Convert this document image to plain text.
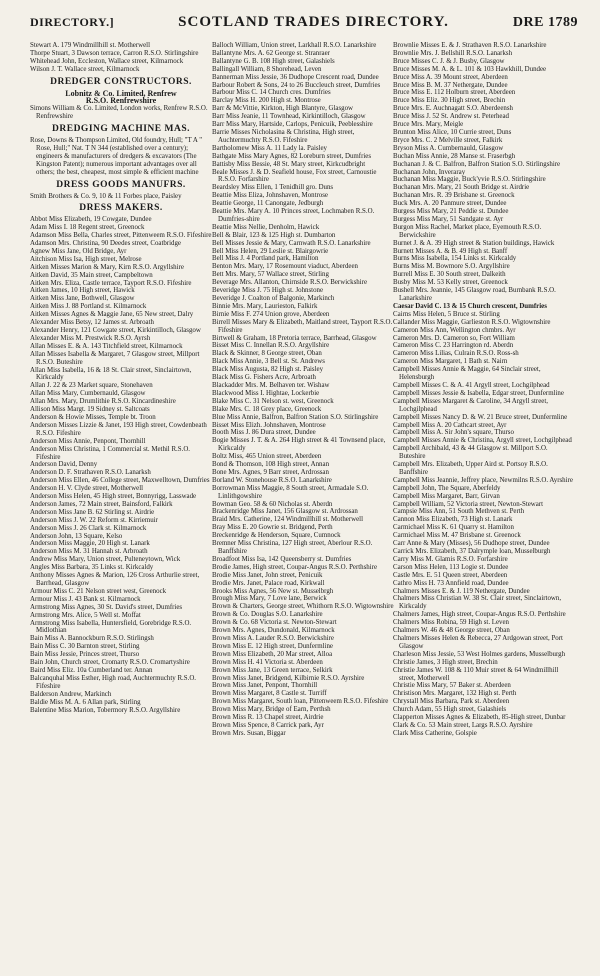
DIRECTORY.]	SCOTLAND TRADES DIRECTORY.	DRE 1789

Stewart A. 179 Windmillhill st. Motherwell

Thorpe Stuart, 3 Dawson terrace, Carron R.S.O. Stirlingshire

Whitehead John, Eccleston, Wallace street, Kilmarnock

Wilson J. T. Wallace street, Kilmarnock

DREDGER CONSTRUCTORS.
Lobnitz & Co. Limited, Renfrew
R.S.O. Renfrewshire

Simons William & Co. Limited, London works, Renfrew R.S.O. Renfrewshire

DREDGING MACHINE MAS.

Rose, Downs & Thompson Limited, Old foundry, Hull; "T A " Rose, Hull;" Nat. T N 344 (established over a century); engineers & manufacturers of dredgers & excavators (The Kingston Patent); numerous important advantages over all others; the best, cheapest, most simple & efficient machine

DRESS GOODS MANUFRS.

Smith Brothers & Co. 9, 10 & 11 Forbes place, Paisley

DRESS MAKERS.

Abbot Miss Elizabeth, 19 Cowgate, Dundee

Adam Miss I. 18 Regent street, Greenock

Adamson Miss Bella, Charles street, Pittenweem R.S.O. Fifeshire

Adamson Mrs. Christina, 90 Deedes street, Coatbridge

Agnew Miss Jane, Old Bridge, Ayr

Aitchison Miss Isa, High street, Melrose

Aitken Misses Marion & Mary, Kirn R.S.O. Argyllshire

Aitken David, 35 Main street, Campbeltown

Aitken Mrs. Eliza, Castle terrace, Tayport R.S.O. Fifeshire

Aitken James, 10 High street, Hawick

Aitken Miss Jane, Bothwell, Glasgow

Aitken Miss J. 88 Portland st. Kilmarnock

Aitken Misses Agnes & Maggie Jane, 65 New street, Dalry

Alexander Miss Betsy, 12 James st. Arbroath

Alexander Henry, 121 Cowgate street, Kirkintilloch, Glasgow

Alexander Miss M. Prestwick R.S.O. Ayrsh

Allan Misses E. & A. 143 Titchfield street, Kilmarnock

Allan Misses Isabella & Margaret, 7 Glasgow street, Millport R.S.O. Buteshire

Allan Miss Isabella, 16 & 18 St. Clair street, Sinclairtown, Kirkcaldy

Allan J. 22 & 23 Market square, Stonehaven

Allan Miss Mary, Cumbernauld, Glasgow

Allan Mrs. Mary, Drumlithie R.S.O. Kincardineshire

Allison Miss Margt. 19 Sidney st. Saltcoats

Anderson & Howie Misses, Temple bt. Troon

Anderson Misses Lizzie & Janet, 193 High street, Cowdenbeath R.S.O. Fifeshire

Anderson Miss Annie, Penpont, Thornhill

Anderson Miss Christina, 1 Commercial st. Methil R.S.O. Fifeshire

Anderson David, Denny

Anderson D. F. Strathaven R.S.O. Lanarksh

Anderson Miss Ellen, 46 College street, Maxwelltown, Dumfries

Anderson H. V. Clyde street, Motherwell

Anderson Miss Helen, 45 High street, Bonnyrigg, Lasswade

Anderson James, 72 Main street, Bainsford, Falkirk

Anderson Miss Jane B. 62 Stirling st. Airdrie

Anderson Miss J. W. 22 Reform st. Kirriemuir

Anderson Miss J. 26 Clark st. Kilmarnock

Anderson John, 13 Square, Kelso

Anderson Miss Maggie, 20 High st. Lanark

Anderson Miss M. 31 Hannah st. Arbroath

Andrew Miss Mary, Union street, Pulteneytown, Wick

Angles Miss Barbara, 35 Links st. Kirkcaldy

Anthony Misses Agnes & Marion, 126 Cross Arthurlie street, Barrhead, Glasgow

Armour Miss C. 21 Nelson street west, Greenock

Armour Miss J. 43 Bank st. Kilmarnock

Armstrong Miss Agnes, 30 St. David's street, Dumfries

Armstrong Mrs. Alice, 5 Well st. Moffat

Armstrong Miss Isabella, Huntersfield, Gorebridge R.S.O. Midlothian

Bain Miss A. Bannockburn R.S.O. Stirlingsh

Bain Miss C. 30 Barnton street, Stirling

Bain Miss Jessie, Princes street, Thurso

Bain John, Church street, Cromarty R.S.O. Cromartyshire

Baird Miss Eliz. 10a Cumberland ter. Annan

Balcanquhal Miss Esther, High road, Auchtermuchty R.S.O. Fifeshire

Balderson Andrew, Markinch

Baldie Miss M. A. 6 Allan park, Stirling

Balentine Miss Marion, Tobermory R.S.O. Argyllshire

Balloch William, Union street, Larkhall R.S.O. Lanarkshire

Ballantyne Mrs. A. 62 George st. Stranraer

Ballantyne G. B. 108 High street, Galashiels

Ballingall William, 8 Shorehead, Leven

Bannerman Miss Jessie, 36 Dudhope Crescent road, Dundee

Barbour Robert & Sons, 24 to 26 Buccleuch street, Dumfries

Barbour Miss C. 14 Church cres. Dumfries

Barclay Miss H. 200 High st. Montrose

Barr & McVittie, Kirkton, High Blantyre, Glasgow

Barr Miss Jeanie, 11 Townhead, Kirkintilloch, Glasgow

Barr Miss Mary, Hartside, Carlops, Penicuik, Peeblesshire

Barrie Misses Nicholasina & Christina, High street, Auchtermuchty R.S.O. Fifeshire

Bartholomew Miss A. 11 Lady la. Paisley

Bathgate Miss Mary Agnes, 82 Loreburn street, Dumfries

Battisby Miss Bessie, 48 St. Mary street, Kirkcudbright

Beale Misses J. & D. Seafield house, Fox street, Carnoustie R.S.O. Forfarshire

Beardsley Miss Ellen, 1 Tenidhill gro. Duns

Beattie Miss Eliza, Johnshaven, Montrose

Beattie George, 11 Canongate, Jedburgh

Beattie Mrs. Mary A. 10 Princes street, Lochmaben R.S.O. Dumfries-shire

Beattie Miss Nellie, Denholm, Hawick

Bell & Blair, 123 & 125 High st. Dumbarton

Bell Misses Jessie & Mary, Carnwath R.S.O. Lanarkshire

Bell Miss Helen, 29 Leslie st. Blairgowrie

Bell Miss J. 4 Portland park, Hamilton

Benton Mrs. Mary, 17 Rosemount viaduct, Aberdeen

Bett Mrs. Mary, 57 Wallace street, Stirling

Beverage Mrs. Allanton, Chirnside R.S.O. Berwickshire

Beveridge Miss J. 75 High st. Johnstone

Beveridge J. Coalton of Balgonie, Markinch

Binnie Mrs. Mary, Laurieston, Falkirk

Birnie Miss F. 274 Union grove, Aberdeen

Birrell Misses Mary & Elizabeth, Maitland street, Tayport R.S.O. Fifeshire

Birtwell & Graham, 18 Pretoria terrace, Barrhead, Glasgow

Bisset Miss C. Innellan R.S.O. Argyllshire

Black & Skinner, 8 George street, Oban

Black Miss Annie, 3 Bell st. St. Andrews

Black Miss Augusta, 82 High st. Paisley

Black Miss G. Fishers Acre, Arbroath

Blackadder Mrs. M. Belhaven ter. Wishaw

Blackwood Miss I. Hightae, Lockerbie

Blake Miss C. 31 Nelson st. west, Greenock

Blake Mrs. C. 18 Grey place, Greenock

Blue Miss Annie, Balfron, Balfron Station S.O. Stirlingshire

Bisset Miss Elizh. Johnshaven, Montrose

Booth Miss J. 86 Dura street, Dundee

Bogie Misses J. T. & A. 264 High street & 41 Townsend place, Kirkcaldy

Boltz Miss, 465 Union street, Aberdeen

Bond & Thomson, 108 High street, Annan

Bone Mrs. Agnes, 9 Barr street, Ardrossan

Borland W. Stonehouse R.S.O. Lanarkshire

Borrowman Miss Maggie, 8 South street, Armadale S.O. Linlithgowshire

Bowman Geo. 58 & 60 Nicholas st. Aberdn

Brackenridge Miss Janet, 156 Glasgow st. Ardrossan

Braid Mrs. Catherine, 124 Windmillhill st. Motherwell

Bray Miss E. 20 Gowrie st. Bridgend, Perth

Breckenridge & Henderson, Square, Cumnock

Bremner Miss Christina, 127 High street, Aberlour R.S.O. Banffshire

Broadfoot Miss Isa, 142 Queensberry st. Dumfries

Brodie James, High street, Coupar-Angus R.S.O. Perthshire

Brodie Miss Janet, John street, Penicuik

Brodie Mrs. Janet, Palace road, Kirkwall

Brooks Miss Agnes, 56 New st. Musselbrgh

Brough Miss Mary, 7 Love lane, Berwick

Brown & Charters, George street, Whithorn R.S.O. Wigtownshire

Brown & Co. Douglas S.O. Lanarkshire

Brown & Co. 68 Victoria st. Newton-Stewart

Brown Mrs. Agnes, Dundonald, Kilmarnock

Brown Miss A. Lauder R.S.O. Berwickshire

Brown Miss E. 12 High street, Dunfermline

Brown Miss Elizabeth, 20 Mar street, Alloa

Brown Miss H. 41 Victoria st. Aberdeen

Brown Miss Jane, 13 Green terrace, Selkirk

Brown Miss Janet, Bridgend, Kilbirnie R.S.O. Ayrshire

Brown Miss Janet, Penpont, Thornhill

Brown Miss Margaret, 8 Castle st. Turriff

Brown Miss Margaret, South loan, Pittenweem R.S.O. Fifeshire

Brown Miss Mary, Bridge of Earn, Perthsh

Brown Miss R. 13 Chapel street, Airdrie

Brown Miss Spence, 8 Carrick park, Ayr

Brown Mrs. Susan, Biggar

Brownlie Misses E. & J. Strathaven R.S.O. Lanarkshire

Brownlie Mrs. J. Bellshill R.S.O. Lanarksh

Bruce Misses C. J. & J. Busby, Glasgow

Bruce Misses M. A. & L. 101 & 103 Hawkhill, Dundee

Bruce Miss A. 39 Mount street, Aberdeen

Bruce Miss B. M. 37 Nethergate, Dundee

Bruce Miss E. 112 Holburn street, Aberdeen

Bruce Miss Eliz. 30 High street, Brechin

Bruce Mrs. E. Auchnagatt S.O. Aberdeensh

Bruce Miss J. 52 St. Andrew st. Peterhead

Bruce Mrs. Mary, Meigle

Brunton Miss Alice, 10 Currie street, Duns

Bryce Mrs. C. 2 Melville street, Falkirk

Bryson Miss A. Cumbernauld, Glasgow

Buchan Miss Annie, 28 Manse st. Fraserbgh

Buchanan J. & C. Balfron, Balfron Station S.O. Stirlingshire

Buchanan John, Inveraray

Buchanan Miss Maggie, Buck'yvie R.S.O. Stirlingshire

Buchanan Mrs. Mary, 21 South Bridge st. Airdrie

Buchanan Mrs. R. 39 Brisbane st. Greenock

Buck Mrs. A. 20 Panmure street, Dundee

Burgess Miss Mary, 21 Peddie st. Dundee

Burgess Miss Mary, 51 Sandgate st. Ayr

Burgon Miss Rachel, Market place, Eyemouth R.S.O. Berwickshire

Burnet J. & A. 39 High street & Station buildings, Hawick

Burnett Misses A. & B. 49 High st. Banff

Burns Miss Isabella, 154 Links st. Kirkcaldy

Burns Miss M. Bowmore S.O. Argyllshire

Burrell Miss E. 30 South street, Dalkeith

Busby Miss M. 53 Kelly street, Greenock

Bushell Mrs. Jeannie, 145 Glasgow road, Burnbank R.S.O. Lanarkshire

Caesar David C. 13 & 15 Church crescent, Dumfries

Cairns Miss Helen, 5 Bruce st. Stirling

Callander Miss Maggie, Garlieston R.S.O. Wigtownshire

Cameron Miss Ann, Wellington chmbrs. Ayr

Cameron Mrs. D. Cameron so, Fort William

Cameron Miss C. 23 Harrington rd. Aberdn

Cameron Miss Lilias, Culrain R.S.O. Ross-sh

Cameron Miss Margaret, 1 Bath st. Nairn

Campbell Misses Annie & Maggie, 64 Sinclair street, Helensburgh

Campbell Misses C. & A. 41 Argyll street, Lochgilphead

Campbell Misses Jessie & Isabella, Edgar street, Dunfermline

Campbell Misses Margaret & Caroline, 34 Argyll street, Lochgilphead

Campbell Misses Nancy D. & W. 21 Bruce street, Dunfermline

Campbell Miss A. 20 Cathcart street, Ayr

Campbell Miss A. Sir John's square, Thurso

Campbell Misses Annie & Christina, Argyll street, Lochgilphead

Campbell Archibald, 43 & 44 Glasgow st. Millport S.O. Buteshire

Campbell Mrs. Elizabeth, Upper Aird st. Portsoy R.S.O. Banffshire

Campbell Miss Jeannie, Jeffrey place, Newmilns R.S.O. Ayrshire

Campbell John, The Square, Aberfeldy

Campbell Miss Margaret, Barr, Girvan

Campbell William, 52 Victoria street, Newton-Stewart

Campsie Miss Ann, 51 South Methven st. Perth

Cannon Miss Elizabeth, 73 High st. Lanark

Carmichael Miss K. 61 Quarry st. Hamilton

Carmichael Miss M. 47 Brisbane st. Greenock

Carr Anne & Mary (Misses), 56 Dudhope street, Dundee

Carrick Mrs. Elizabeth, 37 Dalrymple loan, Musselburgh

Carry Miss M. Glamis R.S.O. Forfarshire

Carson Miss Helen, 113 Logie st. Dundee

Castle Mrs. E. 51 Queen street, Aberdeen

Cathro Miss H. 73 Annfield road, Dundee

Chalmers Misses E. & J. 119 Nethergate, Dundee

Chalmers Miss Christian W. 38 St. Clair street, Sinclairtown, Kirkcaldy

Chalmers James, High street, Coupar-Angus R.S.O. Perthshire

Chalmers Miss Robina, 59 High st. Leven

Chalmers W. 46 & 48 George street, Oban

Chalmers Misses Helen & Rebecca, 27 Ardgowan street, Port Glasgow

Charleson Miss Jessie, 53 West Holmes gardens, Musselburgh

Christie James, 3 High street, Brechin

Christie James W. 108 & 110 Muir street & 64 Windmillhill street, Motherwell

Christie Miss Mary, 57 Baker st. Aberdeen

Christison Mrs. Margaret, 132 High st. Perth

Chrystall Miss Barbara, Park st. Aberdeen

Church Adam, 55 High street, Galashiels

Clapperton Misses Agnes & Elizabeth, 85-High street, Dunbar

Clark & Co. 53 Main street, Largs R.S.O. Ayrshire

Clark Miss Catherine, Golspie
